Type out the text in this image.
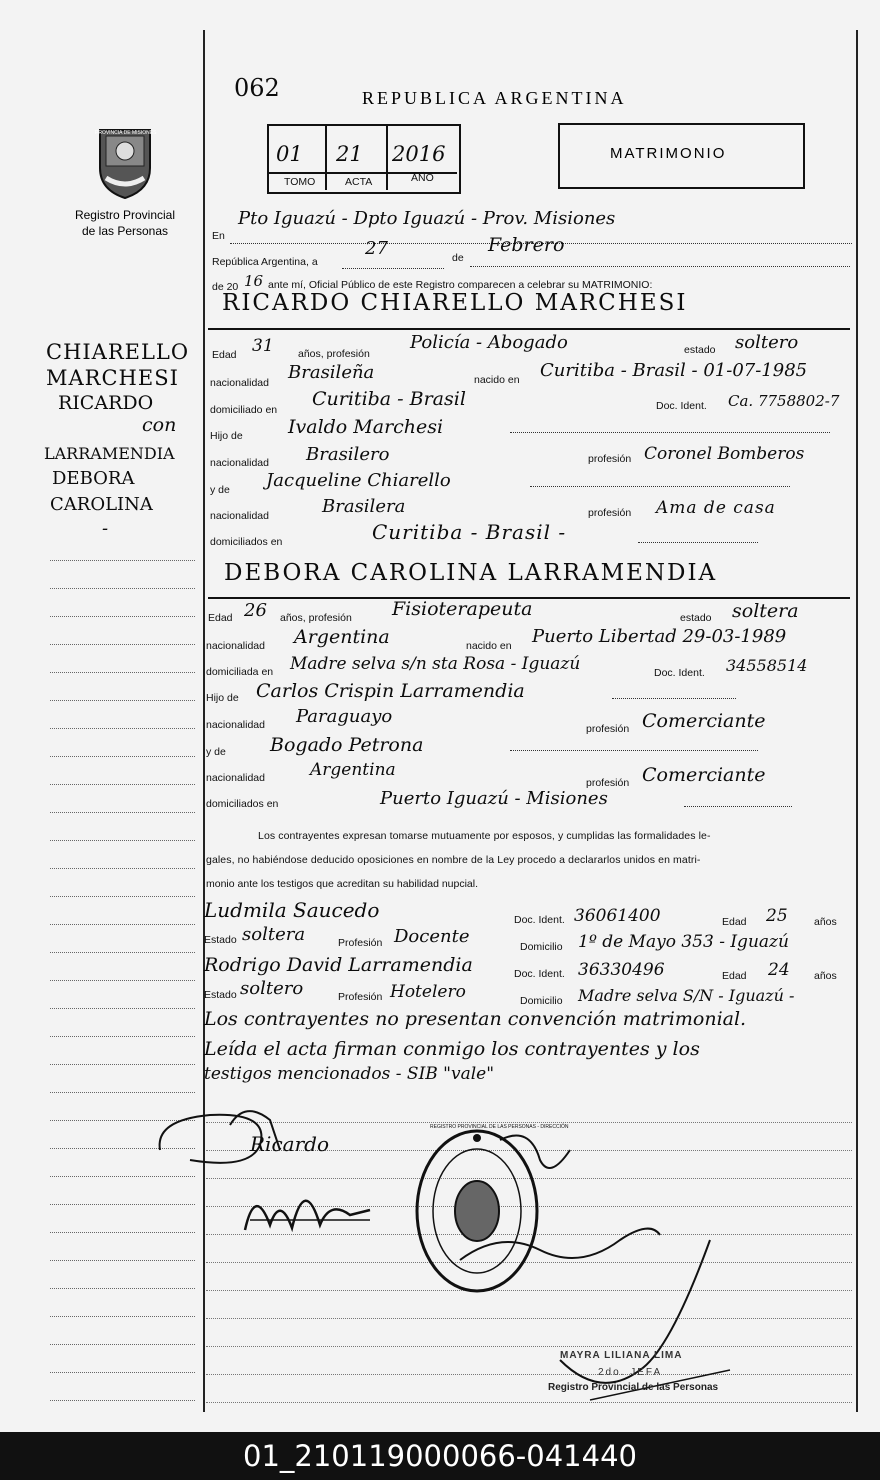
062	REPUBLICA ARGENTINA
01 21 2016
TOMO	ACTA	AÑO
MATRIMONIO
PROVINCIA DE MISIONES
Registro Provincial
de las Personas
CHIARELLO
MARCHESI
RICARDO
con
LARRAMENDIA
DEBORA
CAROLINA
-
En
Pto Iguazú - Dpto Iguazú - Prov. Misiones
República Argentina, a
27	de
Febrero
de 20 16 ante mí, Oficial Público de este Registro comparecen a celebrar su MATRIMONIO:
RICARDO CHIARELLO MARCHESI
Edad 31 años, profesión
Policía - Abogado	estado soltero
nacionalidad Brasileña	nacido en Curitiba - Brasil - 01-07-1985
domiciliado en Curitiba - Brasil	Doc. Ident. Ca. 7758802-7
Hijo de Ivaldo Marchesi
nacionalidad Brasilero	profesión Coronel Bomberos
y de Jacqueline Chiarello
nacionalidad	Brasilera	profesión Ama de casa
domiciliados en	Curitiba - Brasil -
DEBORA CAROLINA LARRAMENDIA
Edad 26 años, profesión Fisioterapeuta	estado soltera
nacionalidad Argentina	nacido en Puerto Libertad 29-03-1989
domiciliada en Madre selva s/n sta Rosa - Iguazú	Doc. Ident. 34558514
Hijo de Carlos Crispin Larramendia
nacionalidad Paraguayo
profesión Comerciante
y de Bogado Petrona
nacionalidad	Argentina
profesión Comerciante
domiciliados en	Puerto Iguazú - Misiones
Los contrayentes expresan tomarse mutuamente por esposos, y cumplidas las formalidades le-
gales, no habiéndose deducido oposiciones en nombre de la Ley procedo a declararlos unidos en matri-
monio ante los testigos que acreditan su habilidad nupcial.
Ludmila Saucedo	Doc. Ident. 36061400	Edad 25	años
Estado soltera	Profesión Docente	Domicilio 1º de Mayo 353 - Iguazú
Rodrigo David Larramendia	Doc. Ident. 36330496	Edad 24 años
Estado soltero	Profesión Hotelero	Domicilio Madre selva S/N - Iguazú -
Los contrayentes no presentan convención matrimonial.
Leída el acta firman conmigo los contrayentes y los
testigos mencionados - SIB "vale"
Ricardo
REGISTRO PROVINCIAL DE LAS PERSONAS - DIRECCIÓN
MAYRA LILIANA LIMA
2do. JEFA
Registro Provincial de las Personas
01_210119000066-041440
